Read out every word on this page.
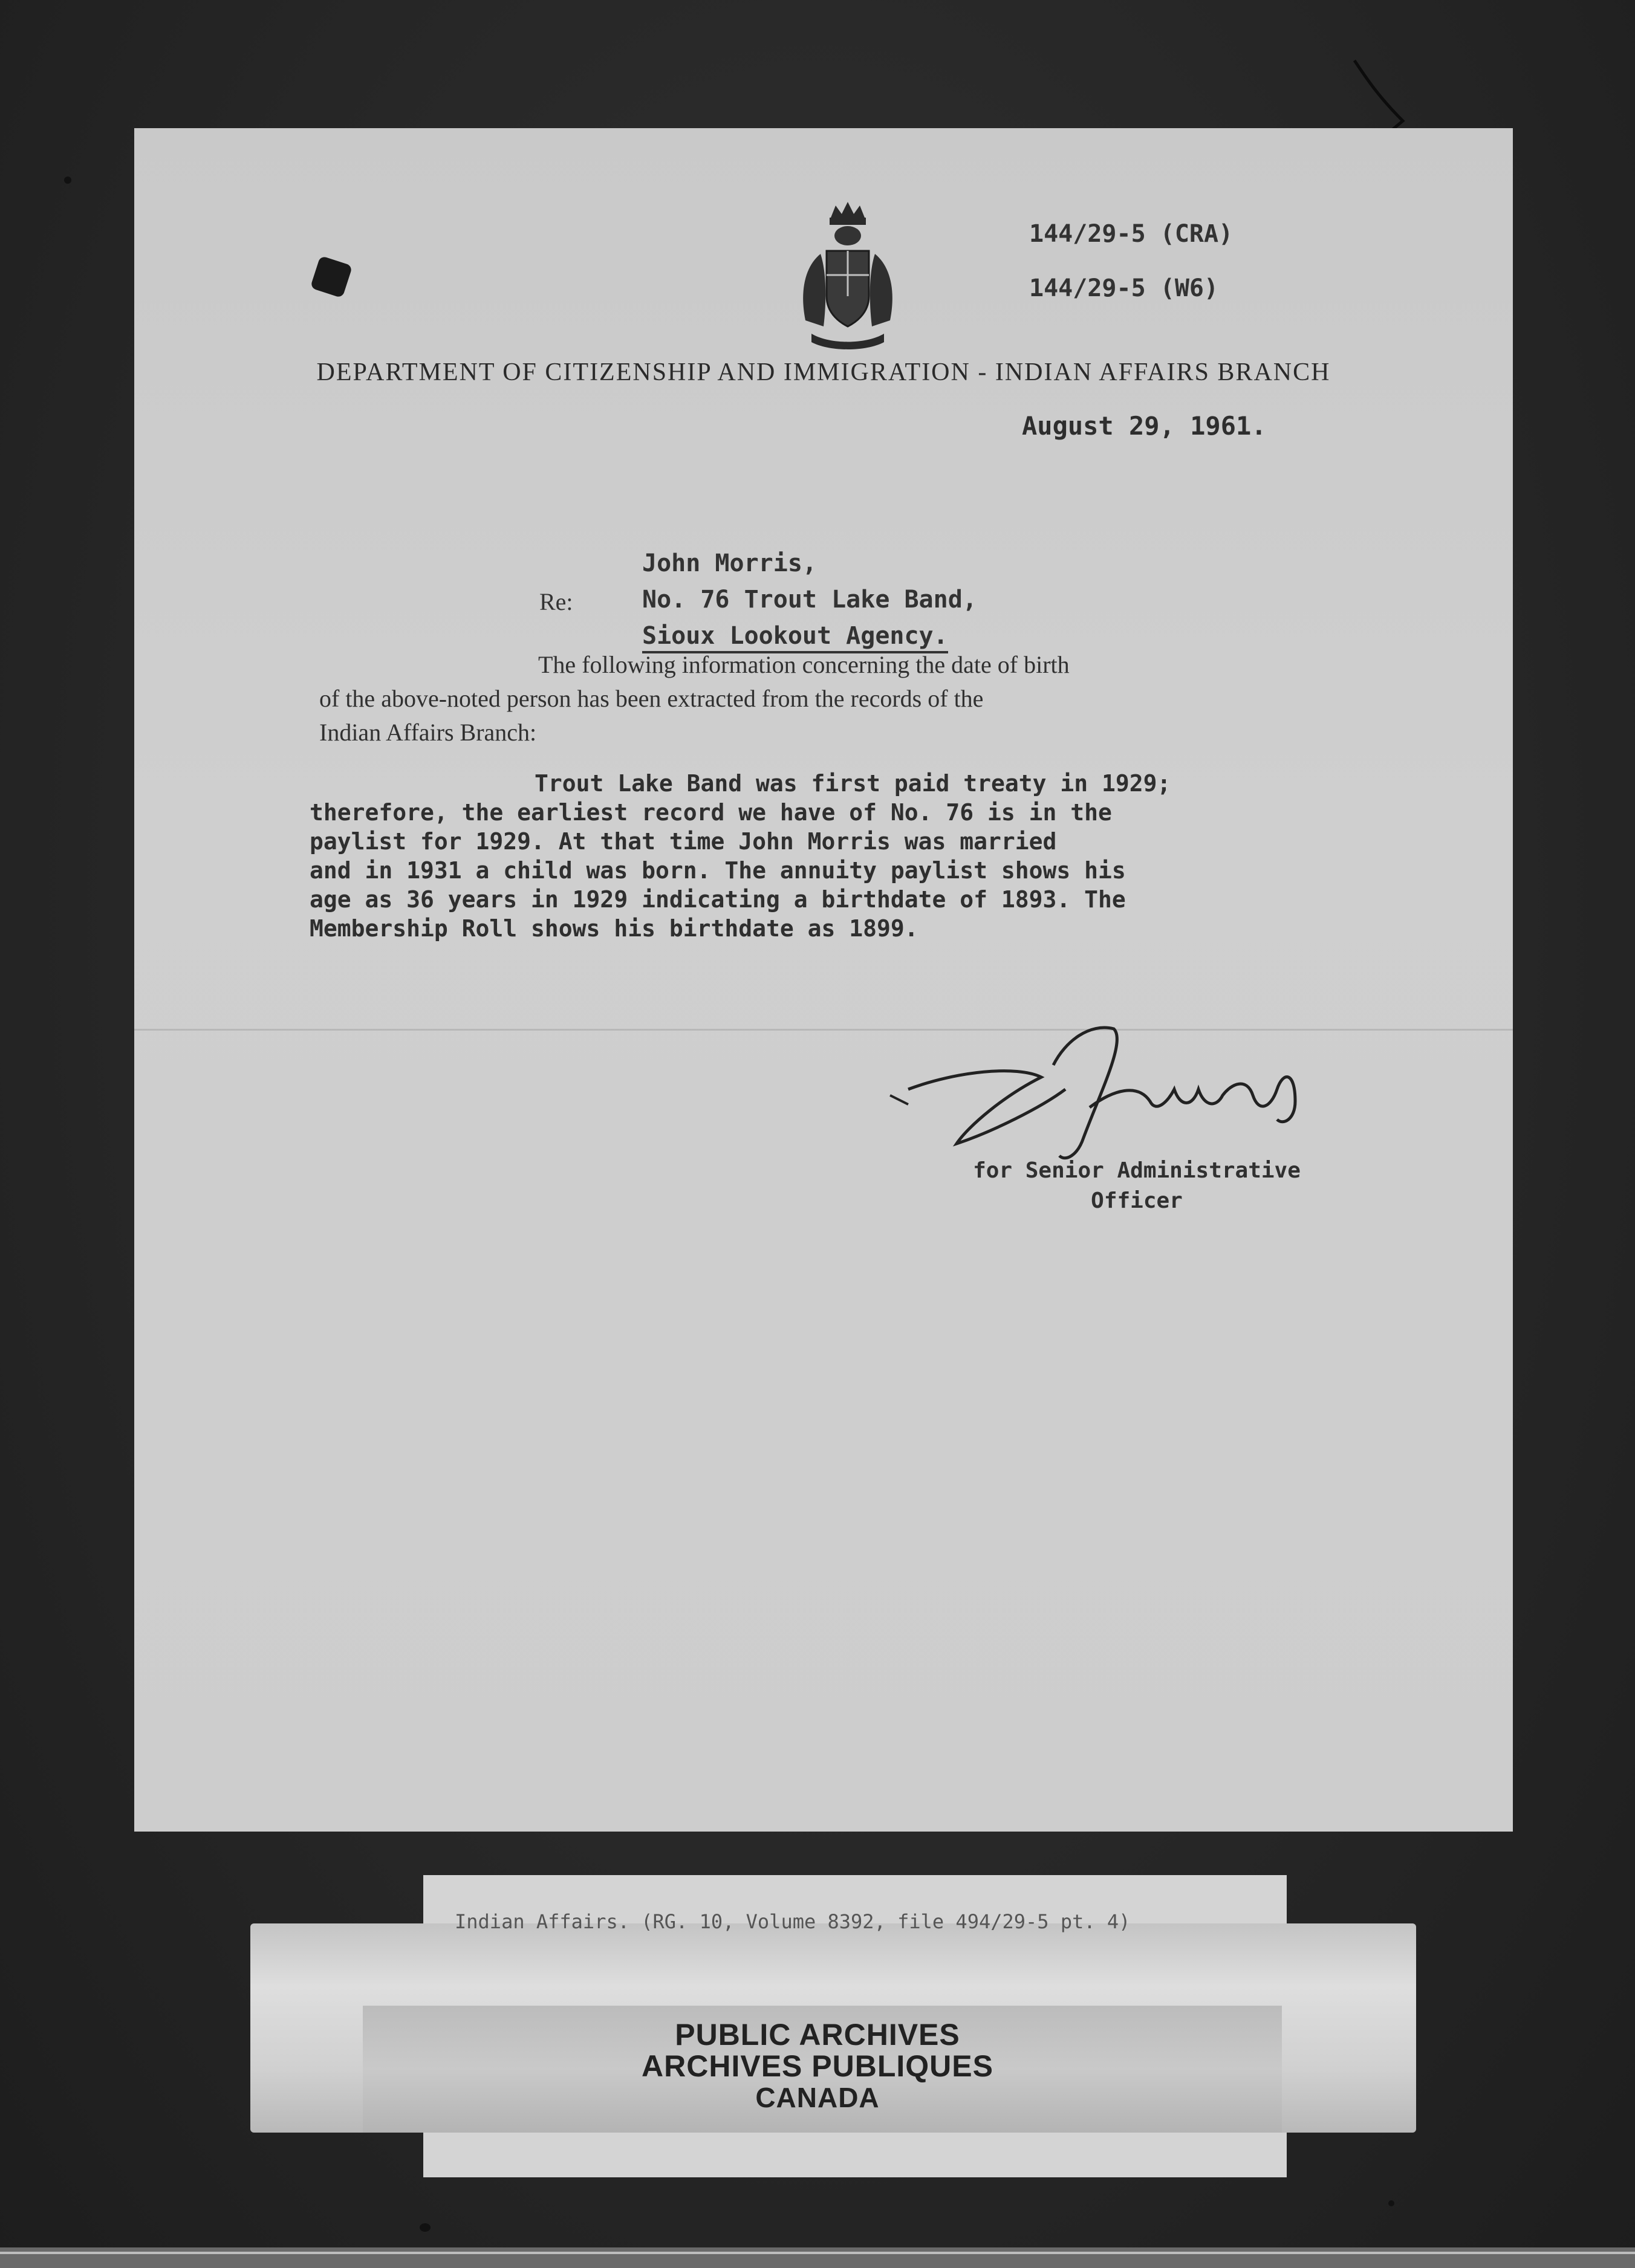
144/29-5 (CRA)
144/29-5 (W6)
DEPARTMENT OF CITIZENSHIP AND IMMIGRATION - INDIAN AFFAIRS BRANCH
August 29, 1961.
Re:
John Morris,
No. 76 Trout Lake Band,
Sioux Lookout Agency.
The following information concerning the date of birth
of the above-noted person has been extracted from the records of the
Indian Affairs Branch:
Trout Lake Band was first paid treaty in 1929;
therefore, the earliest record we have of No. 76 is in the
paylist for 1929. At that time John Morris was married
and in 1931 a child was born. The annuity paylist shows his
age as 36 years in 1929 indicating a birthdate of 1893. The
Membership Roll shows his birthdate as 1899.
for Senior Administrative
Officer
Indian Affairs. (RG. 10, Volume 8392, file 494/29-5 pt. 4)
PUBLIC ARCHIVES
ARCHIVES PUBLIQUES
CANADA
